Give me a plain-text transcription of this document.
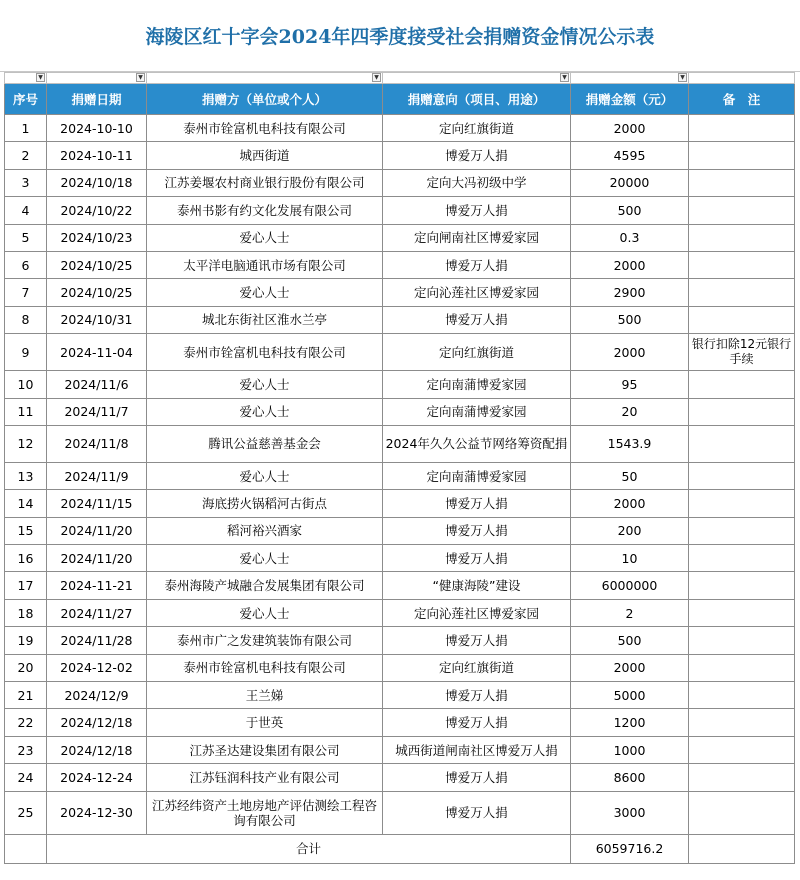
海陵区红十字会2024年四季度接受社会捐赠资金情况公示表
▼	▼	▼	▼	▼	

序号	捐赠日期	捐赠方（单位或个人）	捐赠意向（项目、用途）	捐赠金额（元）	备　注
1	2024-10-10	泰州市铨富机电科技有限公司	定向红旗街道	2000	
2	2024-10-11	城西街道	博爱万人捐	4595	
3	2024/10/18	江苏姜堰农村商业银行股份有限公司	定向大冯初级中学	20000	
4	2024/10/22	泰州书影有约文化发展有限公司	博爱万人捐	500	
5	2024/10/23	爱心人士	定向闸南社区博爱家园	0.3	
6	2024/10/25	太平洋电脑通讯市场有限公司	博爱万人捐	2000	
7	2024/10/25	爱心人士	定向沁莲社区博爱家园	2900	
8	2024/10/31	城北东街社区淮水兰亭	博爱万人捐	500	
9	2024-11-04	泰州市铨富机电科技有限公司	定向红旗街道	2000	银行扣除12元银行手续
10	2024/11/6	爱心人士	定向南蒲博爱家园	95	
11	2024/11/7	爱心人士	定向南蒲博爱家园	20	
12	2024/11/8	腾讯公益慈善基金会	2024年久久公益节网络筹资配捐	1543.9	
13	2024/11/9	爱心人士	定向南蒲博爱家园	50	
14	2024/11/15	海底捞火锅稻河古街点	博爱万人捐	2000	
15	2024/11/20	稻河裕兴酒家	博爱万人捐	200	
16	2024/11/20	爱心人士	博爱万人捐	10	
17	2024-11-21	泰州海陵产城融合发展集团有限公司	“健康海陵”建设	6000000	
18	2024/11/27	爱心人士	定向沁莲社区博爱家园	2	
19	2024/11/28	泰州市广之发建筑装饰有限公司	博爱万人捐	500	
20	2024-12-02	泰州市铨富机电科技有限公司	定向红旗街道	2000	
21	2024/12/9	王兰娣	博爱万人捐	5000	
22	2024/12/18	于世英	博爱万人捐	1200	
23	2024/12/18	江苏圣达建设集团有限公司	城西街道闸南社区博爱万人捐	1000	
24	2024-12-24	江苏钰润科技产业有限公司	博爱万人捐	8600	
25	2024-12-30	江苏经纬资产土地房地产评估测绘工程咨询有限公司	博爱万人捐	3000	
	合计			6059716.2	
